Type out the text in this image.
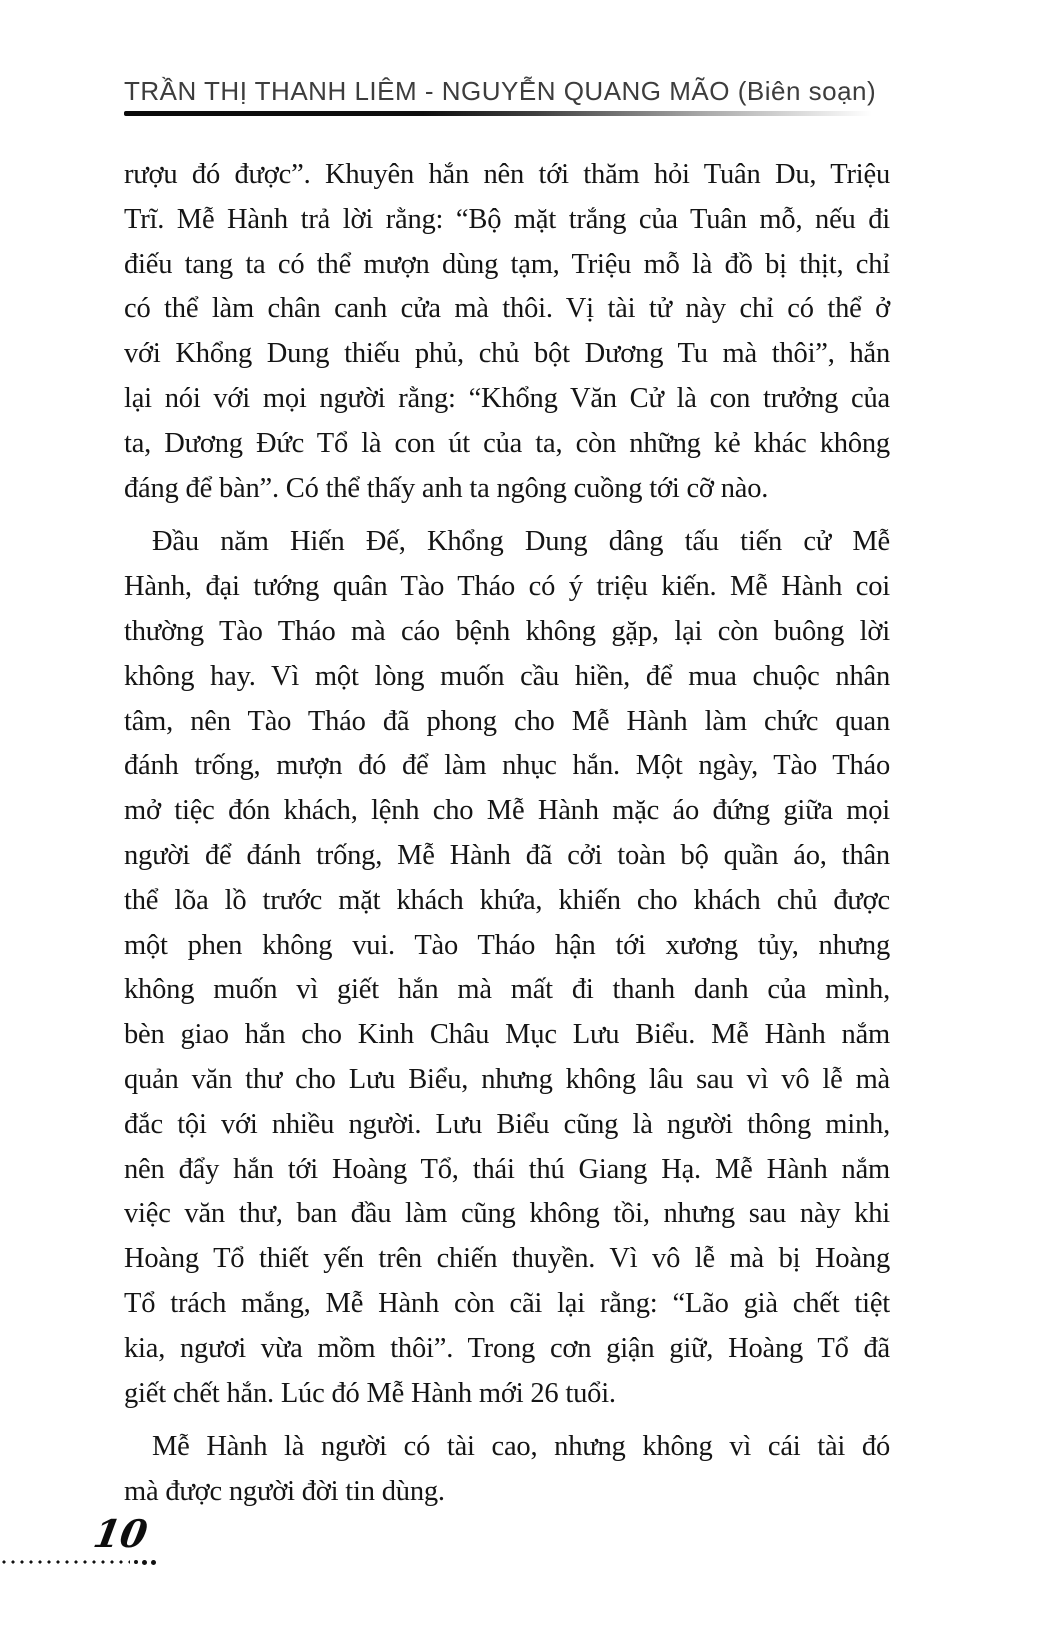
TRẦN THỊ THANH LIÊM - NGUYỄN QUANG MÃO (Biên soạn)
rượu đó được”. Khuyên hắn nên tới thăm hỏi Tuân Du, Triệu
Trĩ. Mễ Hành trả lời rằng: “Bộ mặt trắng của Tuân mỗ, nếu đi
điếu tang ta có thể mượn dùng tạm, Triệu mỗ là đồ bị thịt, chỉ
có thể làm chân canh cửa mà thôi. Vị tài tử này chỉ có thể ở
với Khổng Dung thiếu phủ, chủ bột Dương Tu mà thôi”, hắn
lại nói với mọi người rằng: “Khổng Văn Cử là con trưởng của
ta, Dương Đức Tổ là con út của ta, còn những kẻ khác không
đáng để bàn”. Có thể thấy anh ta ngông cuồng tới cỡ nào.
Đầu năm Hiến Đế, Khổng Dung dâng tấu tiến cử Mễ
Hành, đại tướng quân Tào Tháo có ý triệu kiến. Mễ Hành coi
thường Tào Tháo mà cáo bệnh không gặp, lại còn buông lời
không hay. Vì một lòng muốn cầu hiền, để mua chuộc nhân
tâm, nên Tào Tháo đã phong cho Mễ Hành làm chức quan
đánh trống, mượn đó để làm nhục hắn. Một ngày, Tào Tháo
mở tiệc đón khách, lệnh cho Mễ Hành mặc áo đứng giữa mọi
người để đánh trống, Mễ Hành đã cởi toàn bộ quần áo, thân
thể lõa lồ trước mặt khách khứa, khiến cho khách chủ được
một phen không vui. Tào Tháo hận tới xương tủy, nhưng
không muốn vì giết hắn mà mất đi thanh danh của mình,
bèn giao hắn cho Kinh Châu Mục Lưu Biểu. Mễ Hành nắm
quản văn thư cho Lưu Biểu, nhưng không lâu sau vì vô lễ mà
đắc tội với nhiều người. Lưu Biểu cũng là người thông minh,
nên đẩy hắn tới Hoàng Tổ, thái thú Giang Hạ. Mễ Hành nắm
việc văn thư, ban đầu làm cũng không tồi, nhưng sau này khi
Hoàng Tổ thiết yến trên chiến thuyền. Vì vô lễ mà bị Hoàng
Tổ trách mắng, Mễ Hành còn cãi lại rằng: “Lão già chết tiệt
kia, ngươi vừa mồm thôi”. Trong cơn giận giữ, Hoàng Tổ đã
giết chết hắn. Lúc đó Mễ Hành mới 26 tuổi.
Mễ Hành là người có tài cao, nhưng không vì cái tài đó
mà được người đời tin dùng.
10
